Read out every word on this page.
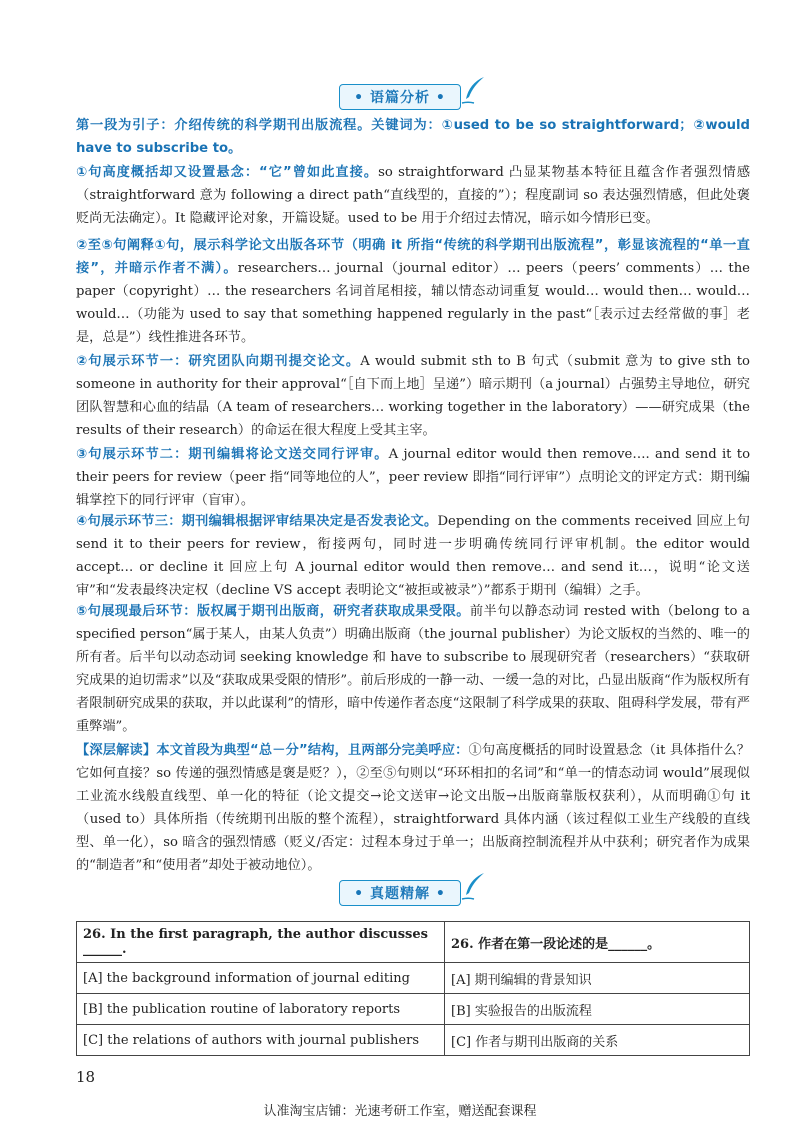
• 语篇分析 •

第一段为引子：介绍传统的科学期刊出版流程。关键词为：①used to be so straightforward；②would have to subscribe to。

①句高度概括却又设置悬念：“它”曾如此直接。so straightforward 凸显某物基本特征且蕴含作者强烈情感（straightforward 意为 following a direct path“直线型的，直接的”）；程度副词 so 表达强烈情感，但此处褒贬尚无法确定）。It 隐藏评论对象，开篇设疑。used to be 用于介绍过去情况，暗示如今情形已变。

②至⑤句阐释①句，展示科学论文出版各环节（明确 it 所指“传统的科学期刊出版流程”，彰显该流程的“单一直接”，并暗示作者不满）。researchers… journal（journal editor）… peers（peers’ comments）… the paper（copyright）… the researchers 名词首尾相接，辅以情态动词重复 would… would then… would… would…（功能为 used to say that something happened regularly in the past“［表示过去经常做的事］老是，总是”）线性推进各环节。

②句展示环节一：研究团队向期刊提交论文。A would submit sth to B 句式（submit 意为 to give sth to someone in authority for their approval“［自下而上地］呈递”）暗示期刊（a journal）占强势主导地位，研究团队智慧和心血的结晶（A team of researchers… working together in the laboratory）——研究成果（the results of their research）的命运在很大程度上受其主宰。

③句展示环节二：期刊编辑将论文送交同行评审。A journal editor would then remove…. and send it to their peers for review（peer 指“同等地位的人”，peer review 即指“同行评审”）点明论文的评定方式：期刊编辑掌控下的同行评审（盲审）。

④句展示环节三：期刊编辑根据评审结果决定是否发表论文。Depending on the comments received 回应上句 send it to their peers for review，衔接两句，同时进一步明确传统同行评审机制。the editor would accept… or decline it 回应上句 A journal editor would then remove… and send it…，说明“论文送审”和“发表最终决定权（decline VS accept 表明论文“被拒或被录”）”都系于期刊（编辑）之手。

⑤句展现最后环节：版权属于期刊出版商，研究者获取成果受限。前半句以静态动词 rested with（belong to a specified person“属于某人，由某人负责”）明确出版商（the journal publisher）为论文版权的当然的、唯一的所有者。后半句以动态动词 seeking knowledge 和 have to subscribe to 展现研究者（researchers）“获取研究成果的迫切需求”以及“获取成果受限的情形”。前后形成的一静一动、一缓一急的对比，凸显出版商“作为版权所有者限制研究成果的获取，并以此谋利”的情形，暗中传递作者态度“这限制了科学成果的获取、阻碍科学发展，带有严重弊端”。

【深层解读】本文首段为典型“总－分”结构，且两部分完美呼应：①句高度概括的同时设置悬念（it 具体指什么？它如何直接？so 传递的强烈情感是褒是贬？），②至⑤句则以“环环相扣的名词”和“单一的情态动词 would”展现似工业流水线般直线型、单一化的特征（论文提交→论文送审→论文出版→出版商靠版权获利），从而明确①句 it（used to）具体所指（传统期刊出版的整个流程），straightforward 具体内涵（该过程似工业生产线般的直线型、单一化），so 暗含的强烈情感（贬义/否定：过程本身过于单一；出版商控制流程并从中获利；研究者作为成果的“制造者”和“使用者”却处于被动地位）。

• 真题精解 •
26. In the first paragraph, the author discusses ______.	26. 作者在第一段论述的是______。
[A] the background information of journal editing	[A] 期刊编辑的背景知识
[B] the publication routine of laboratory reports	[B] 实验报告的出版流程
[C] the relations of authors with journal publishers	[C] 作者与期刊出版商的关系
18
认准淘宝店铺：光速考研工作室，赠送配套课程
